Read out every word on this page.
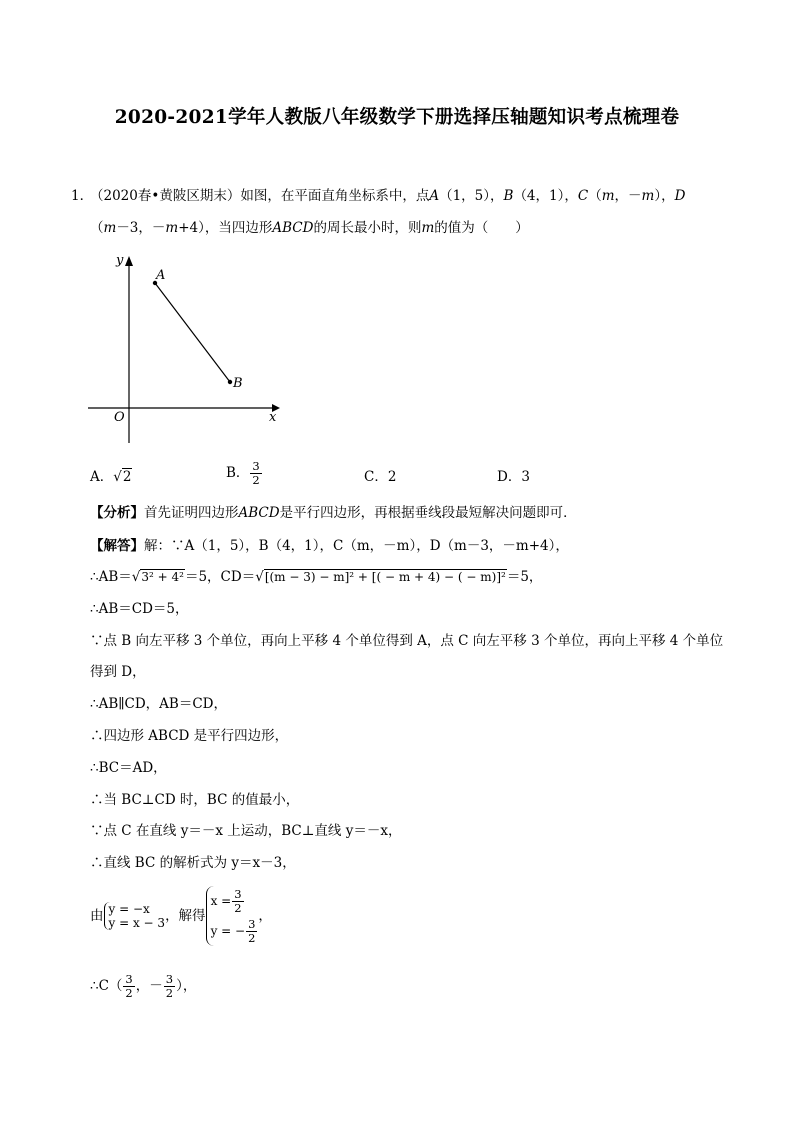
2020-2021学年人教版八年级数学下册选择压轴题知识考点梳理卷
1．
（2020春•黄陂区期末）如图，在平面直角坐标系中，点A（1，5），B（4，1），C（m，－m），D
（m－3，－m+4），当四边形ABCD的周长最小时，则m的值为（　　）
y
x
O
A
B
A．√2	B． $\frac{3}{2}$	C．2	D．3
【分析】首先证明四边形ABCD是平行四边形，再根据垂线段最短解决问题即可．
【解答】解：∵A（1，5），B（4，1），C（m，－m），D（m－3，－m+4），
∴AB＝√3² + 4²＝5，CD＝√[(m − 3) − m]² + [( − m + 4) − ( − m)]²＝5，
∴AB＝CD＝5，
∵点 B 向左平移 3 个单位，再向上平移 4 个单位得到 A，点 C 向左平移 3 个单位，再向上平移 4 个单位
得到 D，
∴AB∥CD，AB＝CD，
∴四边形 ABCD 是平行四边形，
∴BC＝AD，
∴当 BC⊥CD 时，BC 的值最小，
∵点 C 在直线 y＝－x 上运动，BC⊥直线 y＝－x，
∴直线 BC 的解析式为 y＝x－3，
由 y = −x
y = x − 3 ，解得
$x = \frac{3}{2}$
y = − $\frac{3}{2}$
，
∴C（ $\frac{3}{2}$ ，－ $\frac{3}{2}$ ），
